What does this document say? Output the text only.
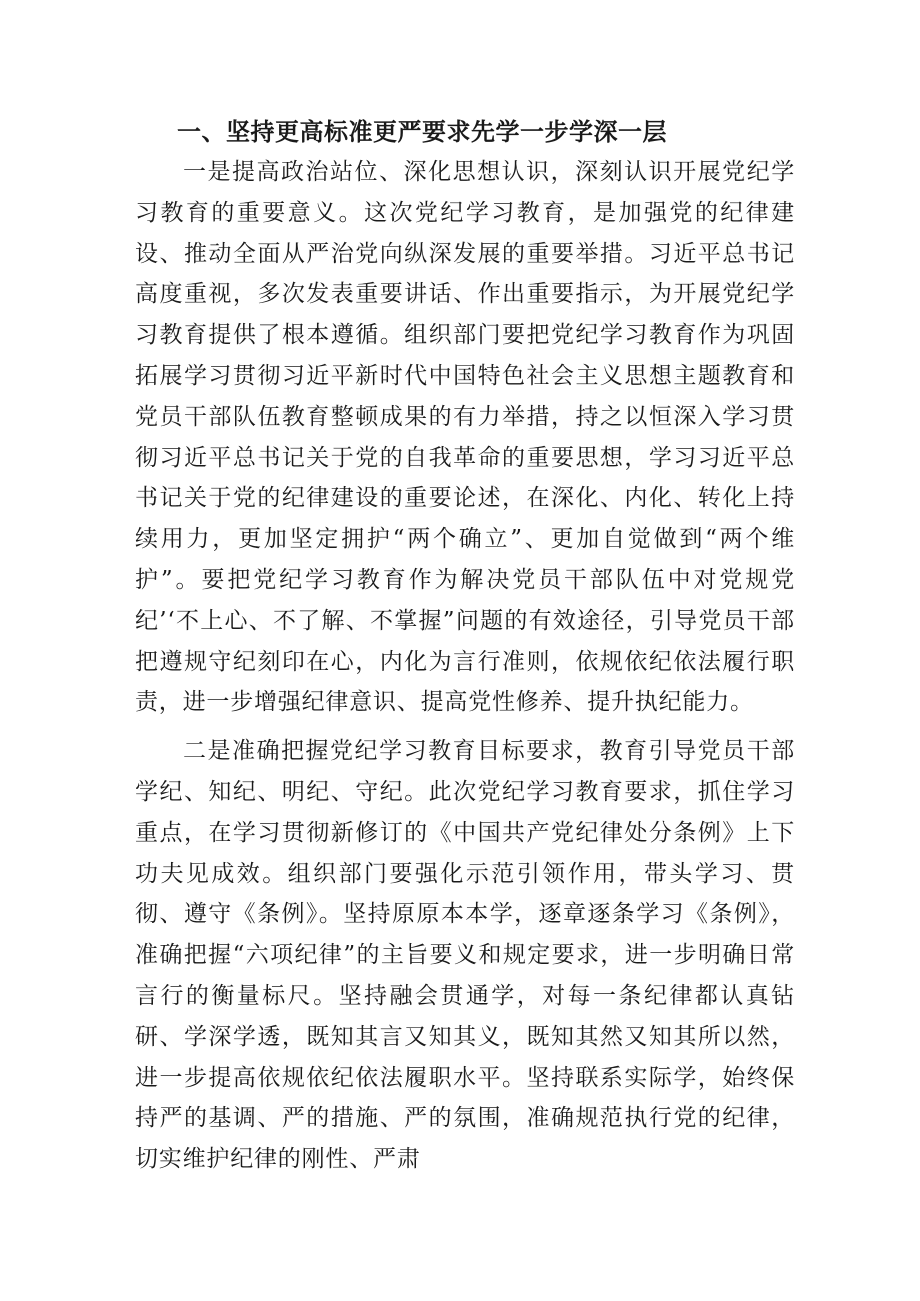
一、坚持更高标准更严要求先学一步学深一层

一是提高政治站位、深化思想认识，深刻认识开展党纪学习教育的重要意义。这次党纪学习教育，是加强党的纪律建设、推动全面从严治党向纵深发展的重要举措。习近平总书记高度重视，多次发表重要讲话、作出重要指示，为开展党纪学习教育提供了根本遵循。组织部门要把党纪学习教育作为巩固拓展学习贯彻习近平新时代中国特色社会主义思想主题教育和党员干部队伍教育整顿成果的有力举措，持之以恒深入学习贯彻习近平总书记关于党的自我革命的重要思想，学习习近平总书记关于党的纪律建设的重要论述，在深化、内化、转化上持续用力，更加坚定拥护“两个确立”、更加自觉做到“两个维护”。要把党纪学习教育作为解决党员干部队伍中对党规党纪’‘不上心、不了解、不掌握”问题的有效途径，引导党员干部把遵规守纪刻印在心，内化为言行准则，依规依纪依法履行职责，进一步增强纪律意识、提高党性修养、提升执纪能力。

二是准确把握党纪学习教育目标要求，教育引导党员干部学纪、知纪、明纪、守纪。此次党纪学习教育要求，抓住学习重点，在学习贯彻新修订的《中国共产党纪律处分条例》上下功夫见成效。组织部门要强化示范引领作用，带头学习、贯彻、遵守《条例》。坚持原原本本学，逐章逐条学习《条例》，准确把握“六项纪律”的主旨要义和规定要求，进一步明确日常言行的衡量标尺。坚持融会贯通学，对每一条纪律都认真钻研、学深学透，既知其言又知其义，既知其然又知其所以然，进一步提高依规依纪依法履职水平。坚持联系实际学，始终保持严的基调、严的措施、严的氛围，准确规范执行党的纪律，切实维护纪律的刚性、严肃
